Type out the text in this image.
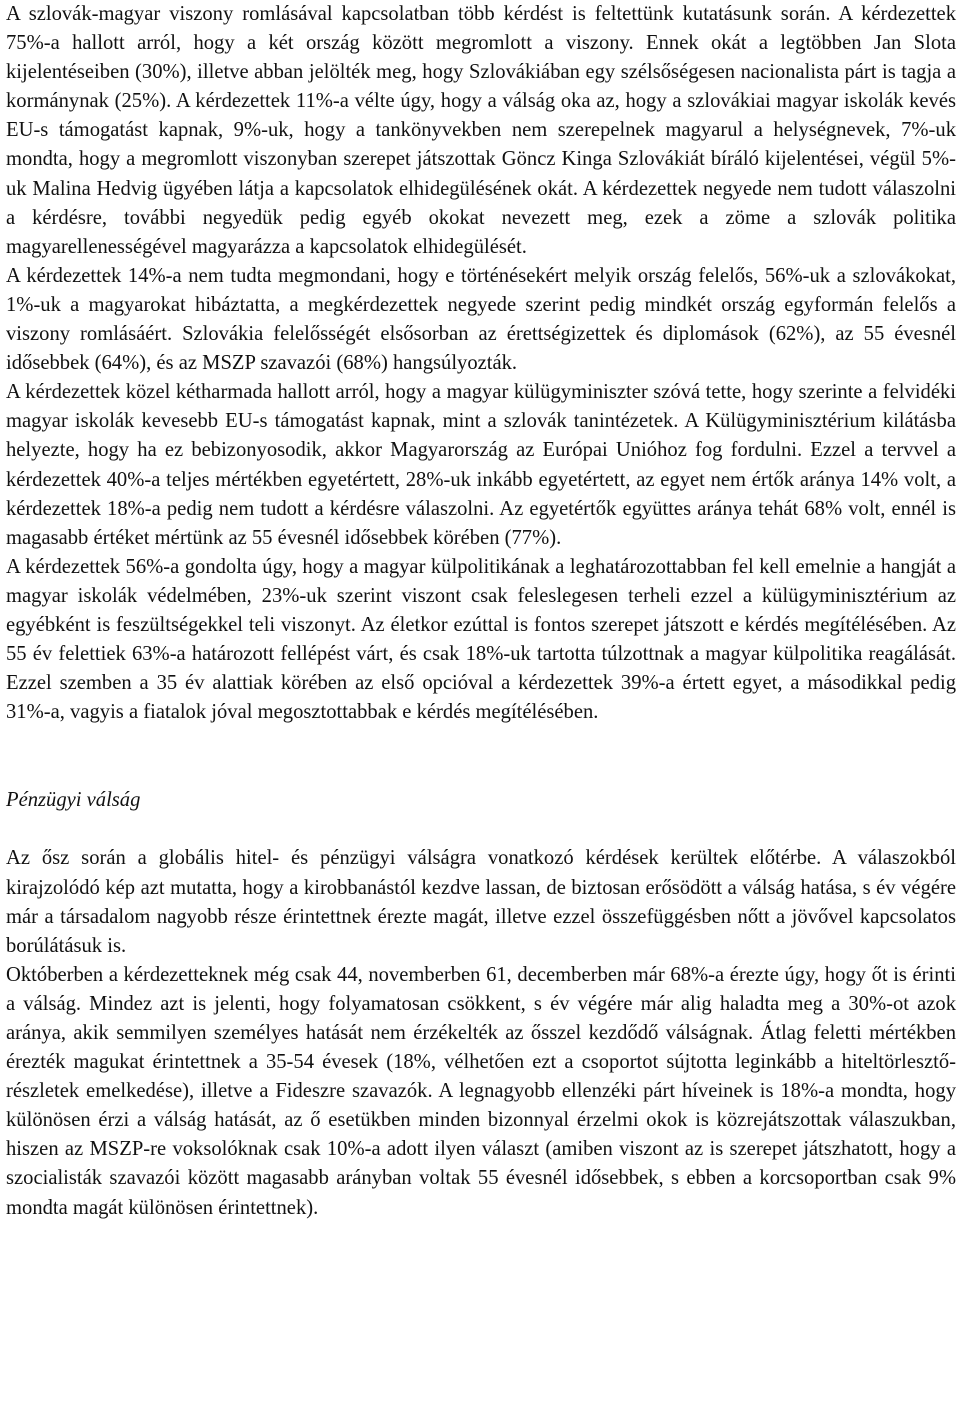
A szlovák-magyar viszony romlásával kapcsolatban több kérdést is feltettünk kutatásunk során. A kérdezettek 75%-a hallott arról, hogy a két ország között megromlott a viszony. Ennek okát a legtöbben Jan Slota kijelentéseiben (30%), illetve abban jelölték meg, hogy Szlovákiában egy szélsőségesen nacionalista párt is tagja a kormánynak (25%). A kérdezettek 11%-a vélte úgy, hogy a válság oka az, hogy a szlovákiai magyar iskolák kevés EU-s támogatást kapnak, 9%-uk, hogy a tankönyvekben nem szerepelnek magyarul a helységnevek, 7%-uk mondta, hogy a megromlott viszonyban szerepet játszottak Göncz Kinga Szlovákiát bíráló kijelentései, végül 5%-uk Malina Hedvig ügyében látja a kapcsolatok elhidegülésének okát. A kérdezettek negyede nem tudott válaszolni a kérdésre, további negyedük pedig egyéb okokat nevezett meg, ezek a zöme a szlovák politika magyarellenességével magyarázza a kapcsolatok elhidegülését.

A kérdezettek 14%-a nem tudta megmondani, hogy e történésekért melyik ország felelős, 56%-uk a szlovákokat, 1%-uk a magyarokat hibáztatta, a megkérdezettek negyede szerint pedig mindkét ország egyformán felelős a viszony romlásáért. Szlovákia felelősségét elsősorban az érettségizettek és diplomások (62%), az 55 évesnél idősebbek (64%), és az MSZP szavazói (68%) hangsúlyozták.

A kérdezettek közel kétharmada hallott arról, hogy a magyar külügyminiszter szóvá tette, hogy szerinte a felvidéki magyar iskolák kevesebb EU-s támogatást kapnak, mint a szlovák tanintézetek. A Külügyminisztérium kilátásba helyezte, hogy ha ez bebizonyosodik, akkor Magyarország az Európai Unióhoz fog fordulni. Ezzel a tervvel a kérdezettek 40%-a teljes mértékben egyetértett, 28%-uk inkább egyetértett, az egyet nem értők aránya 14% volt, a kérdezettek 18%-a pedig nem tudott a kérdésre válaszolni. Az egyetértők együttes aránya tehát 68% volt, ennél is magasabb értéket mértünk az 55 évesnél idősebbek körében (77%).

A kérdezettek 56%-a gondolta úgy, hogy a magyar külpolitikának a leghatározottabban fel kell emelnie a hangját a magyar iskolák védelmében, 23%-uk szerint viszont csak feleslegesen terheli ezzel a külügyminisztérium az egyébként is feszültségekkel teli viszonyt. Az életkor ezúttal is fontos szerepet játszott e kérdés megítélésében. Az 55 év felettiek 63%-a határozott fellépést várt, és csak 18%-uk tartotta túlzottnak a magyar külpolitika reagálását. Ezzel szemben a 35 év alattiak körében az első opcióval a kérdezettek 39%-a értett egyet, a másodikkal pedig 31%-a, vagyis a fiatalok jóval megosztottabbak e kérdés megítélésében.

Pénzügyi válság

Az ősz során a globális hitel- és pénzügyi válságra vonatkozó kérdések kerültek előtérbe. A válaszokból kirajzolódó kép azt mutatta, hogy a kirobbanástól kezdve lassan, de biztosan erősödött a válság hatása, s év végére már a társadalom nagyobb része érintettnek érezte magát, illetve ezzel összefüggésben nőtt a jövővel kapcsolatos borúlátásuk is.

Októberben a kérdezetteknek még csak 44, novemberben 61, decemberben már 68%-a érezte úgy, hogy őt is érinti a válság. Mindez azt is jelenti, hogy folyamatosan csökkent, s év végére már alig haladta meg a 30%-ot azok aránya, akik semmilyen személyes hatását nem érzékelték az ősszel kezdődő válságnak. Átlag feletti mértékben érezték magukat érintettnek a 35-54 évesek (18%, vélhetően ezt a csoportot sújtotta leginkább a hiteltörlesztő-részletek emelkedése), illetve a Fideszre szavazók. A legnagyobb ellenzéki párt híveinek is 18%-a mondta, hogy különösen érzi a válság hatását, az ő esetükben minden bizonnyal érzelmi okok is közrejátszottak válaszukban, hiszen az MSZP-re voksolóknak csak 10%-a adott ilyen választ (amiben viszont az is szerepet játszhatott, hogy a szocialisták szavazói között magasabb arányban voltak 55 évesnél idősebbek, s ebben a korcsoportban csak 9% mondta magát különösen érintettnek).
